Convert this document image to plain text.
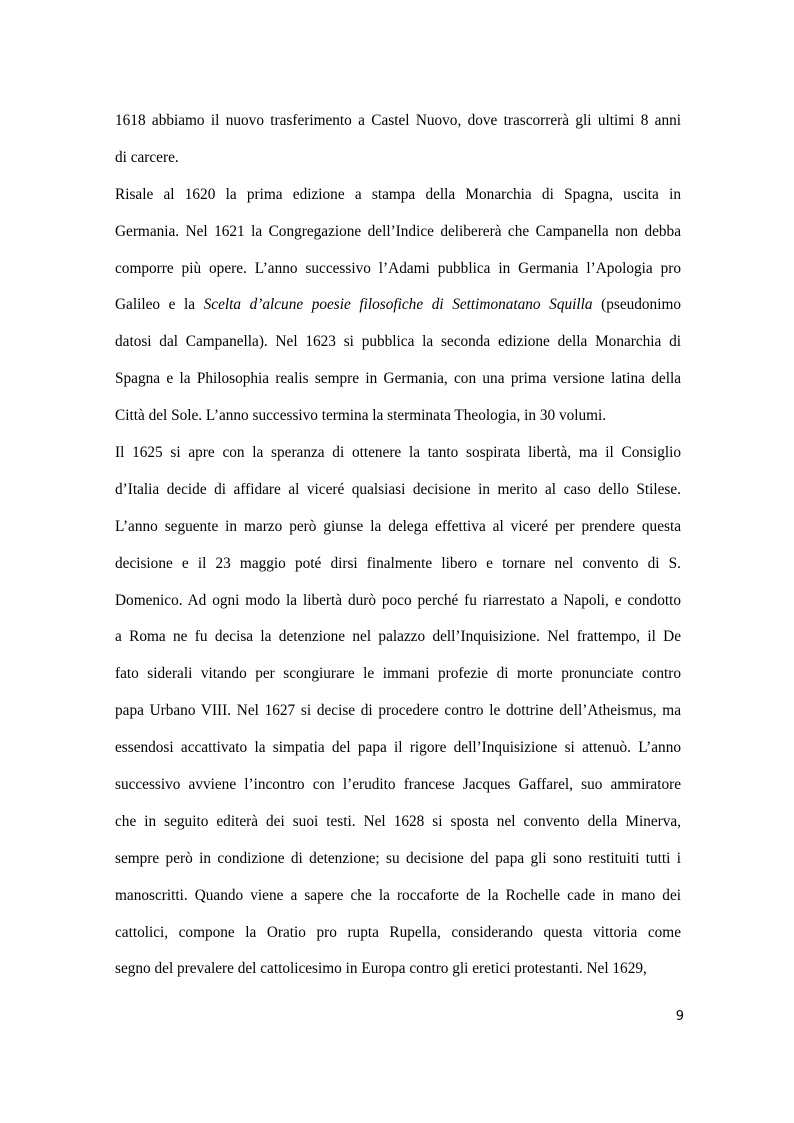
1618 abbiamo il nuovo trasferimento a Castel Nuovo, dove trascorrerà gli ultimi 8 anni
di carcere.
Risale al 1620 la prima edizione a stampa della Monarchia di Spagna, uscita in
Germania. Nel 1621 la Congregazione dell’Indice delibererà che Campanella non debba
comporre più opere. L’anno successivo l’Adami pubblica in Germania l’Apologia pro
Galileo e la Scelta d’alcune poesie filosofiche di Settimonatano Squilla (pseudonimo
datosi dal Campanella). Nel 1623 si pubblica la seconda edizione della Monarchia di
Spagna e la Philosophia realis sempre in Germania, con una prima versione latina della
Città del Sole. L’anno successivo termina la sterminata Theologia, in 30 volumi.
Il 1625 si apre con la speranza di ottenere la tanto sospirata libertà, ma il Consiglio
d’Italia decide di affidare al viceré qualsiasi decisione in merito al caso dello Stilese.
L’anno seguente in marzo però giunse la delega effettiva al viceré per prendere questa
decisione e il 23 maggio poté dirsi finalmente libero e tornare nel convento di S.
Domenico. Ad ogni modo la libertà durò poco perché fu riarrestato a Napoli, e condotto
a Roma ne fu decisa la detenzione nel palazzo dell’Inquisizione. Nel frattempo, il De
fato siderali vitando per scongiurare le immani profezie di morte pronunciate contro
papa Urbano VIII. Nel 1627 si decise di procedere contro le dottrine dell’Atheismus, ma
essendosi accattivato la simpatia del papa il rigore dell’Inquisizione si attenuò. L’anno
successivo avviene l’incontro con l’erudito francese Jacques Gaffarel, suo ammiratore
che in seguito editerà dei suoi testi. Nel 1628 si sposta nel convento della Minerva,
sempre però in condizione di detenzione; su decisione del papa gli sono restituiti tutti i
manoscritti. Quando viene a sapere che la roccaforte de la Rochelle cade in mano dei
cattolici, compone la Oratio pro rupta Rupella, considerando questa vittoria come
segno del prevalere del cattolicesimo in Europa contro gli eretici protestanti. Nel 1629,
9
